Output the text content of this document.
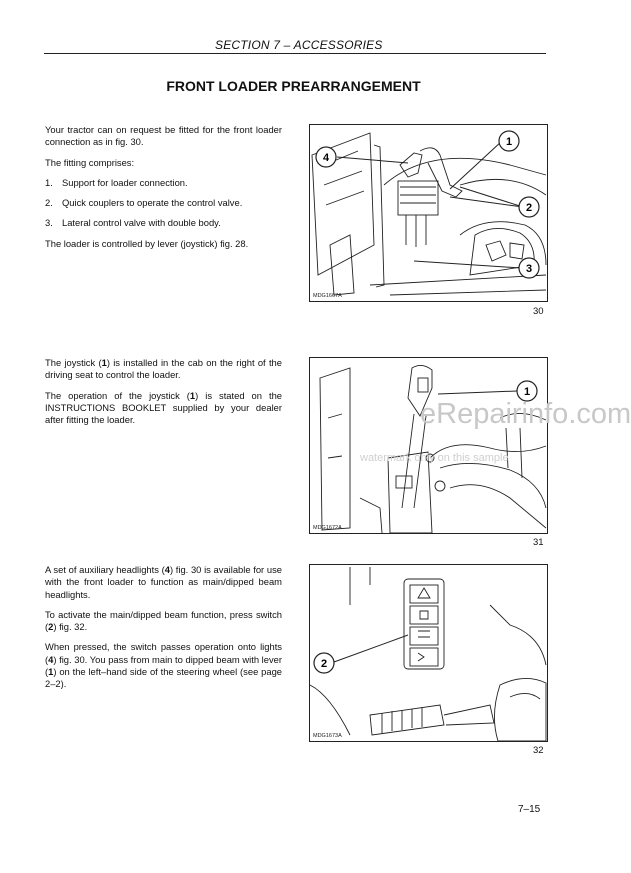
SECTION 7 – ACCESSORIES
FRONT LOADER PREARRANGEMENT

Your tractor can on request be fitted for the front loader connection as in fig. 30.

The fitting comprises:

1. Support for loader connection.
2. Quick couplers to operate the control valve.
3. Lateral control valve with double body.

The loader is controlled by lever (joystick) fig. 28.

The joystick (1) is installed in the cab on the right of the driving seat to control the loader.

The operation of the joystick (1) is stated on the INSTRUCTIONS BOOKLET supplied by your dealer after fitting the loader.

A set of auxiliary headlights (4) fig. 30 is available for use with the front loader to function as main/dipped beam headlights.

To activate the main/dipped beam function, press switch (2) fig. 32.

When pressed, the switch passes operation onto lights (4) fig. 30. You pass from main to dipped beam with lever (1) on the left–hand side of the steering wheel (see page 2–2).

4
1
2
3
MDG1667A
30
1
MDG1672A
31
2
MDG1673A
32
eRepairinfo.com
watermark only on this sample
7–15
